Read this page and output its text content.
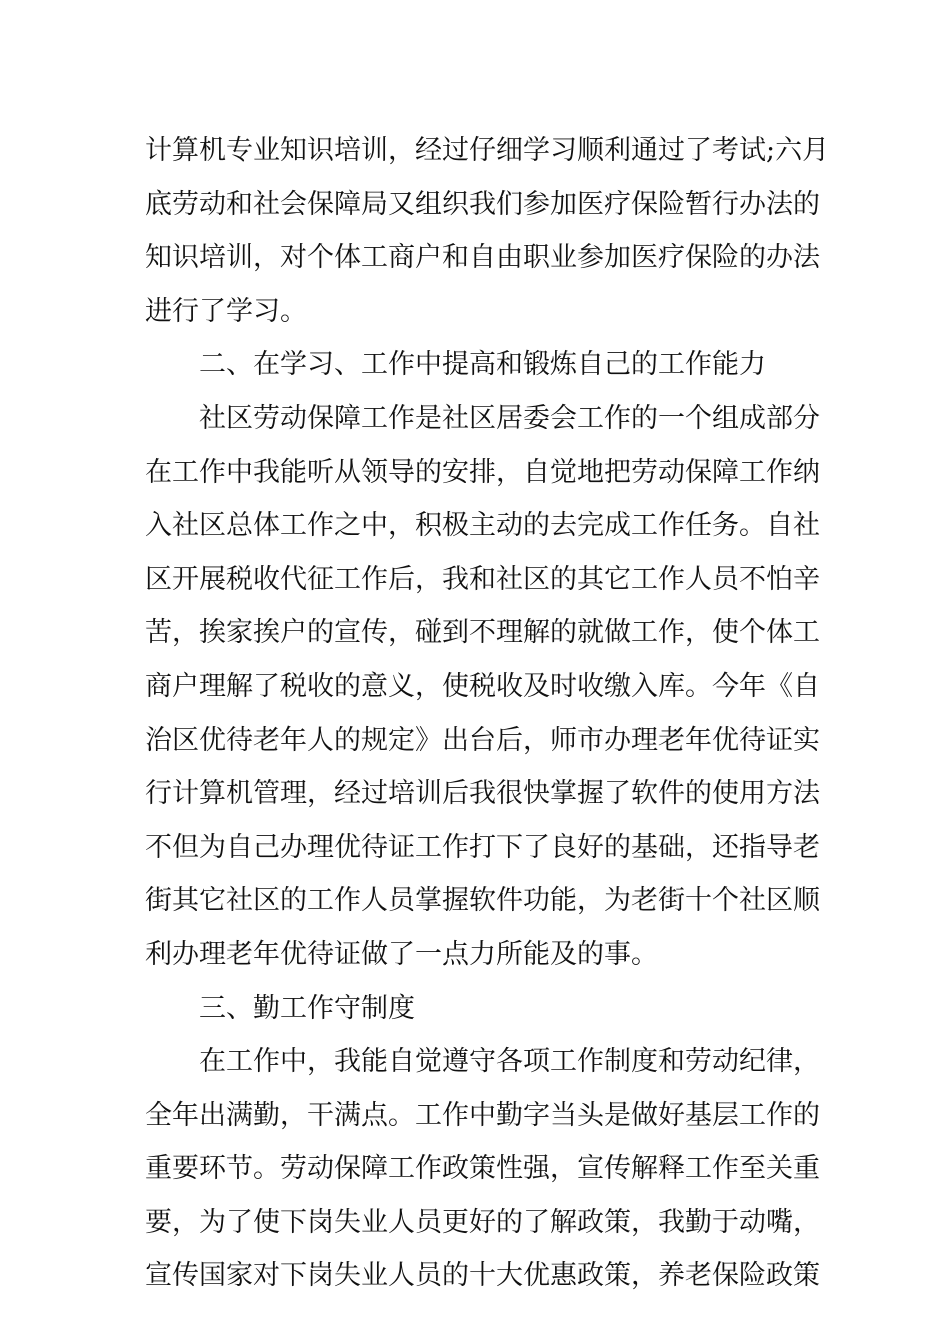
计算机专业知识培训，经过仔细学习顺利通过了考试;六月
底劳动和社会保障局又组织我们参加医疗保险暂行办法的
知识培训，对个体工商户和自由职业参加医疗保险的办法
进行了学习。
二、在学习、工作中提高和锻炼自己的工作能力
社区劳动保障工作是社区居委会工作的一个组成部分
在工作中我能听从领导的安排，自觉地把劳动保障工作纳
入社区总体工作之中，积极主动的去完成工作任务。自社
区开展税收代征工作后，我和社区的其它工作人员不怕辛
苦，挨家挨户的宣传，碰到不理解的就做工作，使个体工
商户理解了税收的意义，使税收及时收缴入库。今年《自
治区优待老年人的规定》出台后，师市办理老年优待证实
行计算机管理，经过培训后我很快掌握了软件的使用方法
不但为自己办理优待证工作打下了良好的基础，还指导老
街其它社区的工作人员掌握软件功能，为老街十个社区顺
利办理老年优待证做了一点力所能及的事。
三、勤工作守制度
在工作中，我能自觉遵守各项工作制度和劳动纪律，
全年出满勤，干满点。工作中勤字当头是做好基层工作的
重要环节。劳动保障工作政策性强，宣传解释工作至关重
要，为了使下岗失业人员更好的了解政策，我勤于动嘴，
宣传国家对下岗失业人员的十大优惠政策，养老保险政策
